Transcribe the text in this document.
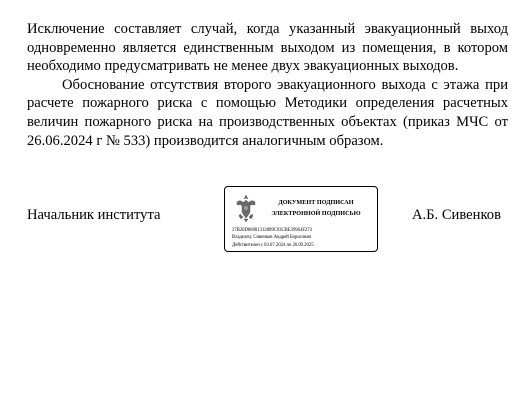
Исключение составляет случай, когда указанный эвакуационный выход одновременно является единственным выходом из помещения, в котором необходимо предусматривать не менее двух эвакуационных выходов.

Обоснование отсутствия второго эвакуационного выхода с этажа при расчете пожарного риска с помощью Методики определения расчетных величин пожарного риска на производственных объектах (приказ МЧС от 26.06.2024 г № 533) производится аналогичным образом.

Начальник института
ДОКУМЕНТ ПОДПИСАН
ЭЛЕКТРОННОЙ ПОДПИСЬЮ
37B20D88081312809C93CBE39964F273
Владелец: Сивенков Андрей Борисович
Действителен с 03.07.2024 по 26.09.2025
А.Б. Сивенков
